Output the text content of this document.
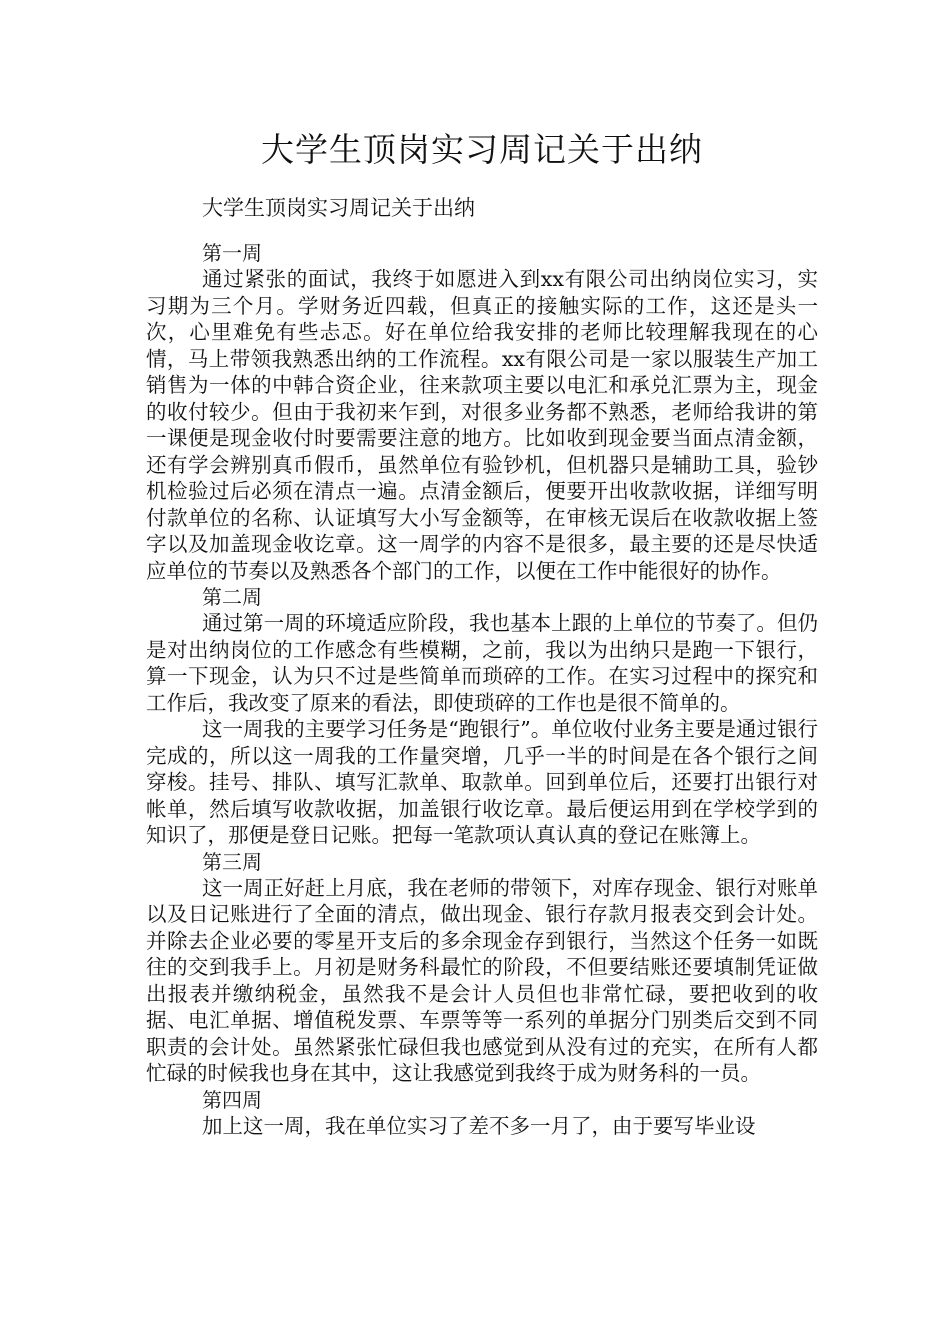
大学生顶岗实习周记关于出纳

大学生顶岗实习周记关于出纳

第一周

通过紧张的面试，我终于如愿进入到xx有限公司出纳岗位实习，实习期为三个月。学财务近四载，但真正的接触实际的工作，这还是头一次，心里难免有些忐忑。好在单位给我安排的老师比较理解我现在的心情，马上带领我熟悉出纳的工作流程。xx有限公司是一家以服装生产加工销售为一体的中韩合资企业，往来款项主要以电汇和承兑汇票为主，现金的收付较少。但由于我初来乍到，对很多业务都不熟悉，老师给我讲的第一课便是现金收付时要需要注意的地方。比如收到现金要当面点清金额，还有学会辨别真币假币，虽然单位有验钞机，但机器只是辅助工具，验钞机检验过后必须在清点一遍。点清金额后，便要开出收款收据，详细写明付款单位的名称、认证填写大小写金额等，在审核无误后在收款收据上签字以及加盖现金收讫章。这一周学的内容不是很多，最主要的还是尽快适应单位的节奏以及熟悉各个部门的工作，以便在工作中能很好的协作。

第二周

通过第一周的环境适应阶段，我也基本上跟的上单位的节奏了。但仍是对出纳岗位的工作感念有些模糊，之前，我以为出纳只是跑一下银行，算一下现金，认为只不过是些简单而琐碎的工作。在实习过程中的探究和工作后，我改变了原来的看法，即使琐碎的工作也是很不简单的。

这一周我的主要学习任务是“跑银行”。单位收付业务主要是通过银行完成的，所以这一周我的工作量突增，几乎一半的时间是在各个银行之间穿梭。挂号、排队、填写汇款单、取款单。回到单位后，还要打出银行对帐单，然后填写收款收据，加盖银行收讫章。最后便运用到在学校学到的知识了，那便是登日记账。把每一笔款项认真认真的登记在账簿上。

第三周

这一周正好赶上月底，我在老师的带领下，对库存现金、银行对账单以及日记账进行了全面的清点，做出现金、银行存款月报表交到会计处。并除去企业必要的零星开支后的多余现金存到银行，当然这个任务一如既往的交到我手上。月初是财务科最忙的阶段，不但要结账还要填制凭证做出报表并缴纳税金，虽然我不是会计人员但也非常忙碌，要把收到的收据、电汇单据、增值税发票、车票等等一系列的单据分门别类后交到不同职责的会计处。虽然紧张忙碌但我也感觉到从没有过的充实，在所有人都忙碌的时候我也身在其中，这让我感觉到我终于成为财务科的一员。

第四周

加上这一周，我在单位实习了差不多一月了，由于要写毕业设
